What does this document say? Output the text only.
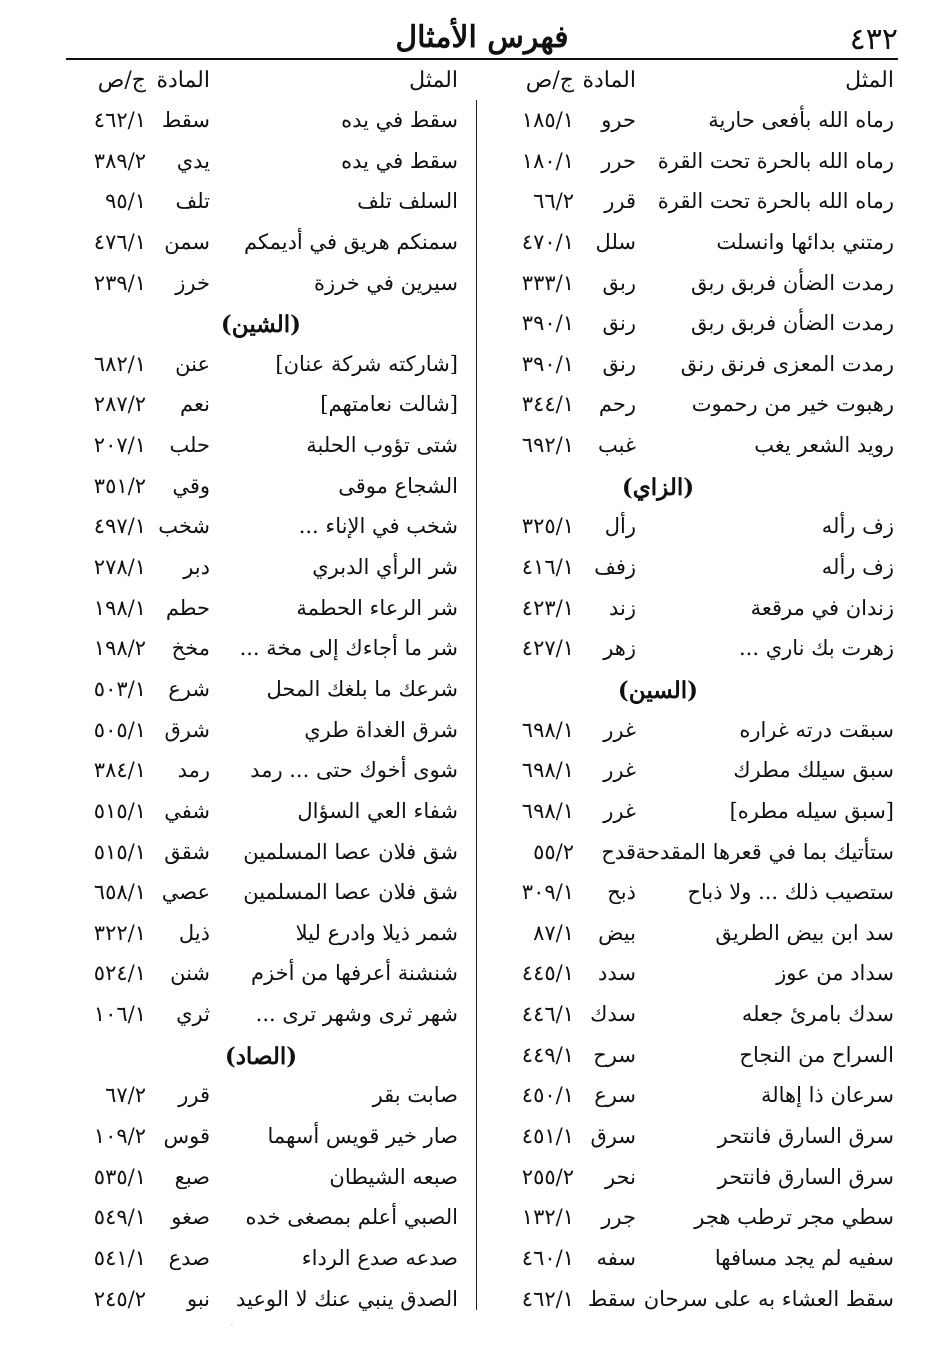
٤٣٢
فهرس الأمثال
المثل
المادة
ج/ص
رماه الله بأفعى حارية
حرو
١٨٥/١
رماه الله بالحرة تحت القرة
حرر
١٨٠/١
رماه الله بالحرة تحت القرة
قرر
٦٦/٢
رمتني بدائها وانسلت
سلل
٤٧٠/١
رمدت الضأن فربق ربق
ربق
٣٣٣/١
رمدت الضأن فربق ربق
رنق
٣٩٠/١
رمدت المعزى فرنق رنق
رنق
٣٩٠/١
رهبوت خير من رحموت
رحم
٣٤٤/١
رويد الشعر يغب
غبب
٦٩٢/١
(الزاي)
زف رأله
رأل
٣٢٥/١
زف رأله
زفف
٤١٦/١
زندان في مرقعة
زند
٤٢٣/١
زهرت بك ناري ...
زهر
٤٢٧/١
(السين)
سبقت درته غراره
غرر
٦٩٨/١
سبق سيلك مطرك
غرر
٦٩٨/١
[سبق سيله مطره]
غرر
٦٩٨/١
ستأتيك بما في قعرها المقدحة
قدح
٥٥/٢
ستصيب ذلك ... ولا ذباح
ذبح
٣٠٩/١
سد ابن بيض الطريق
بيض
٨٧/١
سداد من عوز
سدد
٤٤٥/١
سدك بامرئ جعله
سدك
٤٤٦/١
السراح من النجاح
سرح
٤٤٩/١
سرعان ذا إهالة
سرع
٤٥٠/١
سرق السارق فانتحر
سرق
٤٥١/١
سرق السارق فانتحر
نحر
٢٥٥/٢
سطي مجر ترطب هجر
جرر
١٣٢/١
سفيه لم يجد مسافها
سفه
٤٦٠/١
سقط العشاء به على سرحان
سقط
٤٦٢/١
المثل
المادة
ج/ص
سقط في يده
سقط
٤٦٢/١
سقط في يده
يدي
٣٨٩/٢
السلف تلف
تلف
٩٥/١
سمنكم هريق في أديمكم
سمن
٤٧٦/١
سيرين في خرزة
خرز
٢٣٩/١
(الشين)
[شاركته شركة عنان]
عنن
٦٨٢/١
[شالت نعامتهم]
نعم
٢٨٧/٢
شتى تؤوب الحلبة
حلب
٢٠٧/١
الشجاع موقى
وقي
٣٥١/٢
شخب في الإناء ...
شخب
٤٩٧/١
شر الرأي الدبري
دبر
٢٧٨/١
شر الرعاء الحطمة
حطم
١٩٨/١
شر ما أجاءك إلى مخة ...
مخخ
١٩٨/٢
شرعك ما بلغك المحل
شرع
٥٠٣/١
شرق الغداة طري
شرق
٥٠٥/١
شوى أخوك حتى ... رمد
رمد
٣٨٤/١
شفاء العي السؤال
شفي
٥١٥/١
شق فلان عصا المسلمين
شقق
٥١٥/١
شق فلان عصا المسلمين
عصي
٦٥٨/١
شمر ذيلا وادرع ليلا
ذيل
٣٢٢/١
شنشنة أعرفها من أخزم
شنن
٥٢٤/١
شهر ثرى وشهر ترى ...
ثري
١٠٦/١
(الصاد)
صابت بقر
قرر
٦٧/٢
صار خير قويس أسهما
قوس
١٠٩/٢
صبعه الشيطان
صبع
٥٣٥/١
الصبي أعلم بمصغى خده
صغو
٥٤٩/١
صدعه صدع الرداء
صدع
٥٤١/١
الصدق ينبي عنك لا الوعيد
نبو
٢٤٥/٢
·
